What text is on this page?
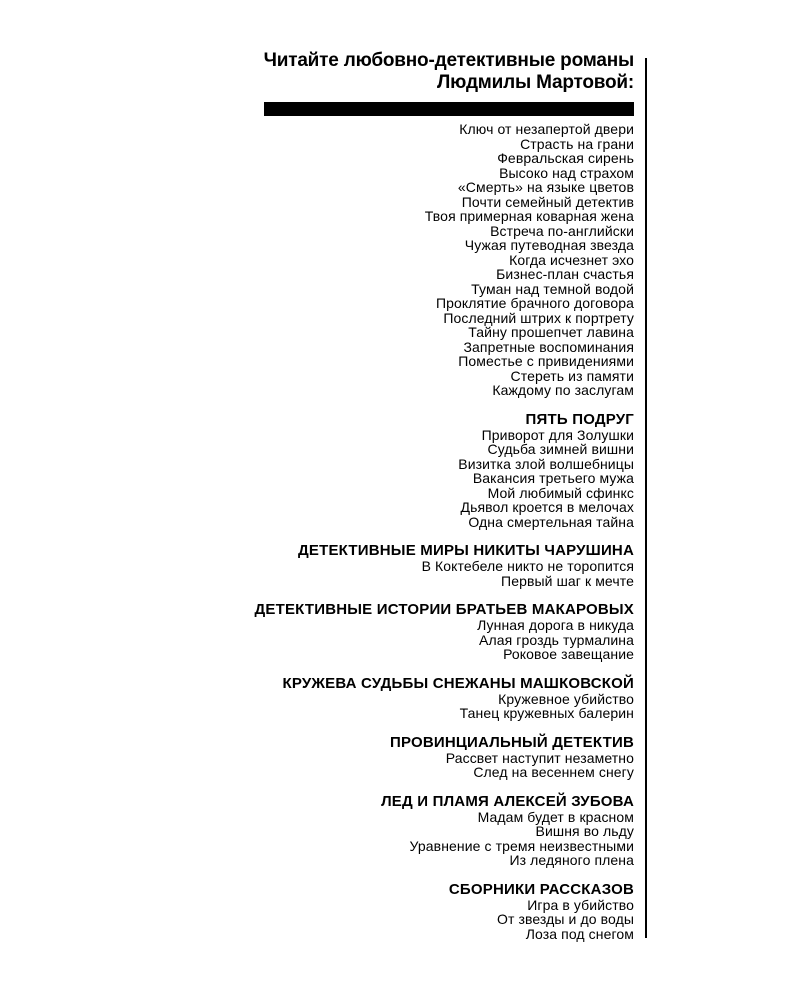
Читайте любовно-детективные романы
Людмилы Мартовой:
Ключ от незапертой двери
Страсть на грани
Февральская сирень
Высоко над страхом
«Смерть» на языке цветов
Почти семейный детектив
Твоя примерная коварная жена
Встреча по-английски
Чужая путеводная звезда
Когда исчезнет эхо
Бизнес-план счастья
Туман над темной водой
Проклятие брачного договора
Последний штрих к портрету
Тайну прошепчет лавина
Запретные воспоминания
Поместье с привидениями
Стереть из памяти
Каждому по заслугам
ПЯТЬ ПОДРУГ
Приворот для Золушки
Судьба зимней вишни
Визитка злой волшебницы
Вакансия третьего мужа
Мой любимый сфинкс
Дьявол кроется в мелочах
Одна смертельная тайна
ДЕТЕКТИВНЫЕ МИРЫ НИКИТЫ ЧАРУШИНА
В Коктебеле никто не торопится
Первый шаг к мечте
ДЕТЕКТИВНЫЕ ИСТОРИИ БРАТЬЕВ МАКАРОВЫХ
Лунная дорога в никуда
Алая гроздь турмалина
Роковое завещание
КРУЖЕВА СУДЬБЫ СНЕЖАНЫ МАШКОВСКОЙ
Кружевное убийство
Танец кружевных балерин
ПРОВИНЦИАЛЬНЫЙ ДЕТЕКТИВ
Рассвет наступит незаметно
След на весеннем снегу
ЛЕД И ПЛАМЯ АЛЕКСЕЙ ЗУБОВА
Мадам будет в красном
Вишня во льду
Уравнение с тремя неизвестными
Из ледяного плена
СБОРНИКИ РАССКАЗОВ
Игра в убийство
От звезды и до воды
Лоза под снегом
